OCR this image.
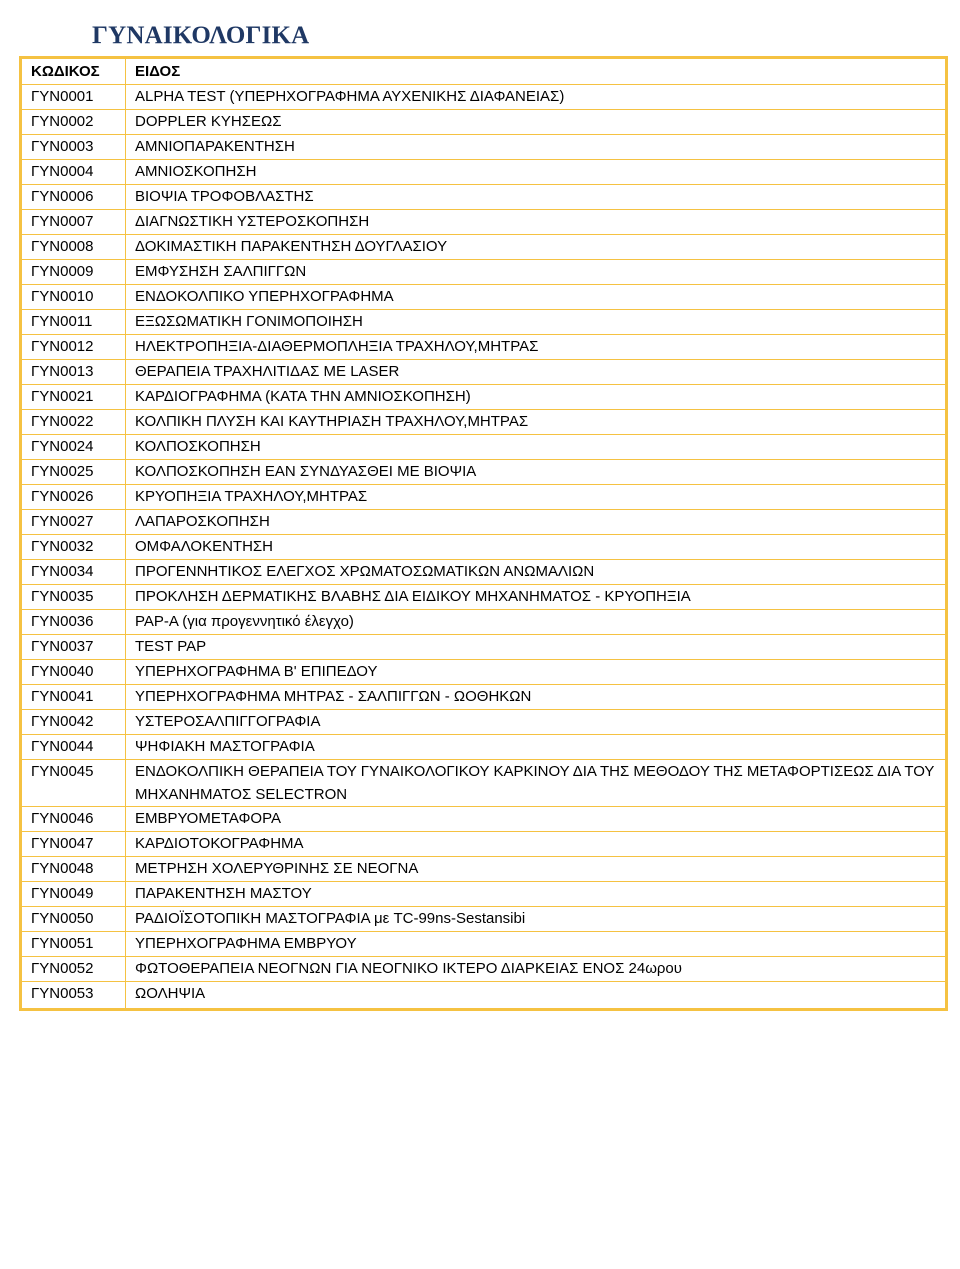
ΓΥΝΑΙΚΟΛΟΓΙΚΑ
ΚΩΔΙΚΟΣ	ΕΙΔΟΣ
ΓΥΝ0001	ALPHA TEST (ΥΠΕΡΗΧΟΓΡΑΦΗΜΑ ΑΥΧΕΝΙΚΗΣ ΔΙΑΦΑΝΕΙΑΣ)
ΓΥΝ0002	DOPPLER ΚΥΗΣΕΩΣ
ΓΥΝ0003	ΑΜΝΙΟΠΑΡΑΚΕΝΤΗΣΗ
ΓΥΝ0004	ΑΜΝΙΟΣΚΟΠΗΣΗ
ΓΥΝ0006	ΒΙΟΨΙΑ ΤΡΟΦΟΒΛΑΣΤΗΣ
ΓΥΝ0007	ΔΙΑΓΝΩΣΤΙΚΗ ΥΣΤΕΡΟΣΚΟΠΗΣΗ
ΓΥΝ0008	ΔΟΚΙΜΑΣΤΙΚΗ ΠΑΡΑΚΕΝΤΗΣΗ ΔΟΥΓΛΑΣΙΟΥ
ΓΥΝ0009	ΕΜΦΥΣΗΣΗ ΣΑΛΠΙΓΓΩΝ
ΓΥΝ0010	ΕΝΔΟΚΟΛΠΙΚΟ ΥΠΕΡΗΧΟΓΡΑΦΗΜΑ
ΓΥΝ0011	ΕΞΩΣΩΜΑΤΙΚΗ ΓΟΝΙΜΟΠΟΙΗΣΗ
ΓΥΝ0012	ΗΛΕΚΤΡΟΠΗΞΙΑ-ΔΙΑΘΕΡΜΟΠΛΗΞΙΑ ΤΡΑΧΗΛΟΥ,ΜΗΤΡΑΣ
ΓΥΝ0013	ΘΕΡΑΠΕΙΑ ΤΡΑΧΗΛΙΤΙΔΑΣ ΜΕ LASER
ΓΥΝ0021	ΚΑΡΔΙΟΓΡΑΦΗΜΑ (ΚΑΤΑ ΤΗΝ ΑΜΝΙΟΣΚΟΠΗΣΗ)
ΓΥΝ0022	ΚΟΛΠΙΚΗ ΠΛΥΣΗ ΚΑΙ ΚΑΥΤΗΡΙΑΣΗ ΤΡΑΧΗΛΟΥ,ΜΗΤΡΑΣ
ΓΥΝ0024	ΚΟΛΠΟΣΚΟΠΗΣΗ
ΓΥΝ0025	ΚΟΛΠΟΣΚΟΠΗΣΗ ΕΑΝ ΣΥΝΔΥΑΣΘΕΙ ΜΕ ΒΙΟΨΙΑ
ΓΥΝ0026	ΚΡΥΟΠΗΞΙΑ ΤΡΑΧΗΛΟΥ,ΜΗΤΡΑΣ
ΓΥΝ0027	ΛΑΠΑΡΟΣΚΟΠΗΣΗ
ΓΥΝ0032	ΟΜΦΑΛΟΚΕΝΤΗΣΗ
ΓΥΝ0034	ΠΡΟΓΕΝΝΗΤΙΚΟΣ ΕΛΕΓΧΟΣ ΧΡΩΜΑΤΟΣΩΜΑΤΙΚΩΝ ΑΝΩΜΑΛΙΩΝ
ΓΥΝ0035	ΠΡΟΚΛΗΣΗ ΔΕΡΜΑΤΙΚΗΣ ΒΛΑΒΗΣ ΔΙΑ ΕΙΔΙΚΟΥ ΜΗΧΑΝΗΜΑΤΟΣ - ΚΡΥΟΠΗΞΙΑ
ΓΥΝ0036	PAP-A (για προγεννητικό έλεγχο)
ΓΥΝ0037	TEST PAP
ΓΥΝ0040	ΥΠΕΡΗΧΟΓΡΑΦΗΜΑ Β' ΕΠΙΠΕΔΟΥ
ΓΥΝ0041	ΥΠΕΡΗΧΟΓΡΑΦΗΜΑ ΜΗΤΡΑΣ - ΣΑΛΠΙΓΓΩΝ - ΩΟΘΗΚΩΝ
ΓΥΝ0042	ΥΣΤΕΡΟΣΑΛΠΙΓΓΟΓΡΑΦΙΑ
ΓΥΝ0044	ΨΗΦΙΑΚΗ ΜΑΣΤΟΓΡΑΦΙΑ
ΓΥΝ0045	ΕΝΔΟΚΟΛΠΙΚΗ ΘΕΡΑΠΕΙΑ ΤΟΥ ΓΥΝΑΙΚΟΛΟΓΙΚΟΥ ΚΑΡΚΙΝΟΥ ΔΙΑ ΤΗΣ ΜΕΘΟΔΟΥ ΤΗΣ ΜΕΤΑΦΟΡΤΙΣΕΩΣ ΔΙΑ ΤΟΥ ΜΗΧΑΝΗΜΑΤΟΣ SELECTRON
ΓΥΝ0046	ΕΜΒΡΥΟΜΕΤΑΦΟΡΑ
ΓΥΝ0047	ΚΑΡΔΙΟΤΟΚΟΓΡΑΦΗΜΑ
ΓΥΝ0048	ΜΕΤΡΗΣΗ ΧΟΛΕΡΥΘΡΙΝΗΣ ΣΕ ΝΕΟΓΝΑ
ΓΥΝ0049	ΠΑΡΑΚΕΝΤΗΣΗ ΜΑΣΤΟΥ
ΓΥΝ0050	ΡΑΔΙΟΪΣΟΤΟΠΙΚΗ ΜΑΣΤΟΓΡΑΦΙΑ με TC-99ns-Sestansibi
ΓΥΝ0051	ΥΠΕΡΗΧΟΓΡΑΦΗΜΑ ΕΜΒΡΥΟΥ
ΓΥΝ0052	ΦΩΤΟΘΕΡΑΠΕΙΑ ΝΕΟΓΝΩΝ ΓΙΑ ΝΕΟΓΝΙΚΟ ΙΚΤΕΡΟ ΔΙΑΡΚΕΙΑΣ ΕΝΟΣ 24ωρου
ΓΥΝ0053	ΩΟΛΗΨΙΑ
